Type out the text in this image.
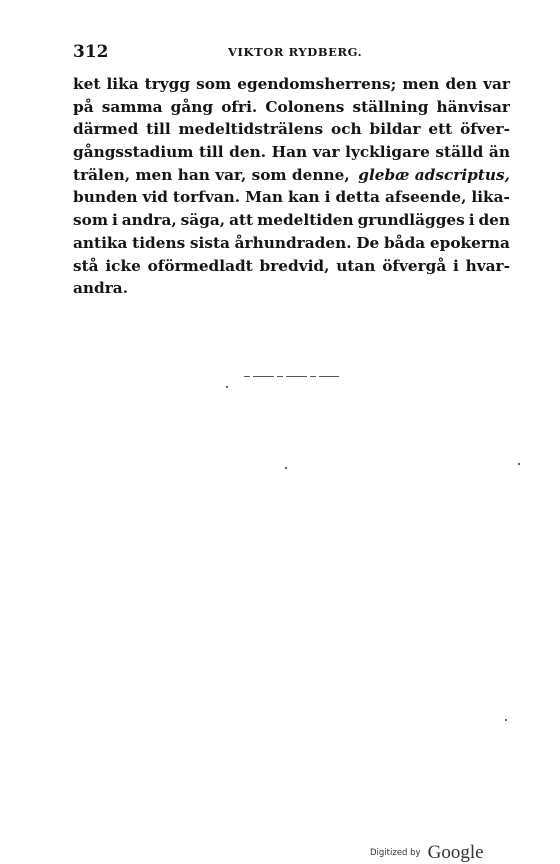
312	VIKTOR RYDBERG.
ket lika trygg som egendomsherrens; men den var
på samma gång ofri. Colonens ställning hänvisar
därmed till medeltidsträlens och bildar ett öfver-
gångsstadium till den. Han var lyckligare ställd än
trälen, men han var, som denne, glebæ adscriptus,
bunden vid torfvan. Man kan i detta afseende, lika-
som i andra, säga, att medeltiden grundlägges i den
antika tidens sista århundraden. De båda epokerna
stå icke oförmedladt bredvid, utan öfvergå i hvar-
andra.
Digitized by Google
